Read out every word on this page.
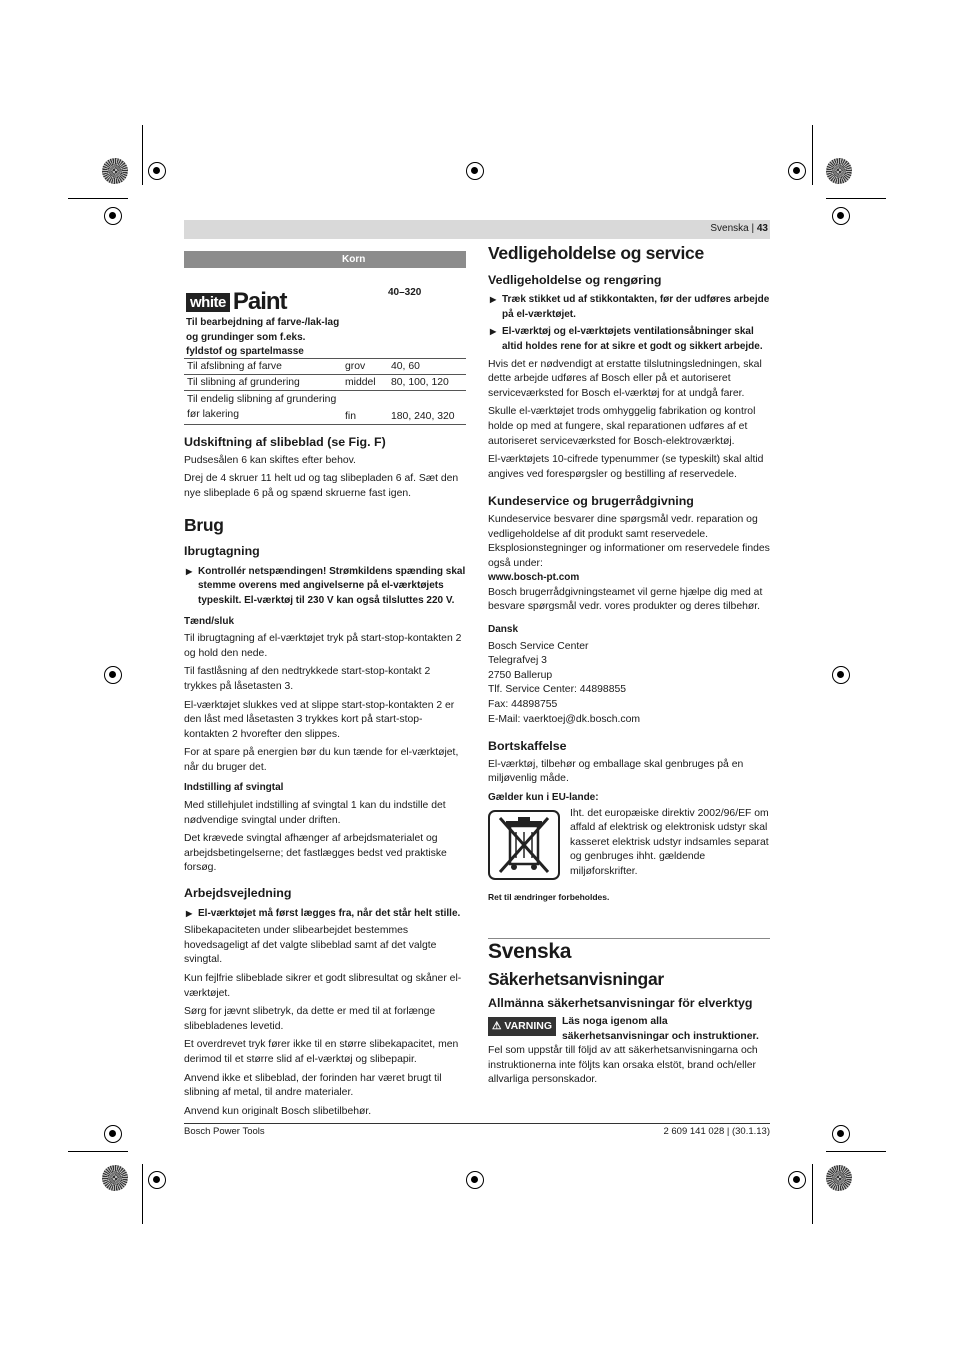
Svenska | 43
Korn
white Paint	40–320
Til bearbejdning af farve-/lak-lag og grundinger som f.eks. fyldstof og spartelmasse
Til afslibning af farve	grov	40, 60
Til slibning af grundering	middel	80, 100, 120
Til endelig slibning af grundering før lakering	fin	180, 240, 320
Udskiftning af slibeblad (se Fig. F)

Pudsesålen 6 kan skiftes efter behov.

Drej de 4 skruer 11 helt ud og tag slibepladen 6 af. Sæt den nye slibeplade 6 på og spænd skruerne fast igen.

Brug
Ibrugtagning
▶ Kontrollér netspændingen! Strømkildens spænding skal stemme overens med angivelserne på el-værktøjets typeskilt. El-værktøj til 230 V kan også tilsluttes 220 V.
Tænd/sluk

Til ibrugtagning af el-værktøjet tryk på start-stop-kontakten 2 og hold den nede.

Til fastlåsning af den nedtrykkede start-stop-kontakt 2 trykkes på låsetasten 3.

El-værktøjet slukkes ved at slippe start-stop-kontakten 2 er den låst med låsetasten 3 trykkes kort på start-stop-kontakten 2 hvorefter den slippes.

For at spare på energien bør du kun tænde for el-værktøjet, når du bruger det.

Indstilling af svingtal

Med stillehjulet indstilling af svingtal 1 kan du indstille det nødvendige svingtal under driften.

Det krævede svingtal afhænger af arbejdsmaterialet og arbejdsbetingelserne; det fastlægges bedst ved praktiske forsøg.

Arbejdsvejledning
▶ El-værktøjet må først lægges fra, når det står helt stille.

Slibekapaciteten under slibearbejdet bestemmes hovedsageligt af det valgte slibeblad samt af det valgte svingtal.

Kun fejlfrie slibeblade sikrer et godt slibresultat og skåner el-værktøjet.

Sørg for jævnt slibetryk, da dette er med til at forlænge slibebladenes levetid.

Et overdrevet tryk fører ikke til en større slibekapacitet, men derimod til et større slid af el-værktøj og slibepapir.

Anvend ikke et slibeblad, der forinden har været brugt til slibning af metal, til andre materialer.

Anvend kun originalt Bosch slibetilbehør.

Vedligeholdelse og service
Vedligeholdelse og rengøring
▶ Træk stikket ud af stikkontakten, før der udføres arbejde på el-værktøjet.
▶ El-værktøj og el-værktøjets ventilationsåbninger skal altid holdes rene for at sikre et godt og sikkert arbejde.

Hvis det er nødvendigt at erstatte tilslutningsledningen, skal dette arbejde udføres af Bosch eller på et autoriseret serviceværksted for Bosch el-værktøj for at undgå farer.

Skulle el-værktøjet trods omhyggelig fabrikation og kontrol holde op med at fungere, skal reparationen udføres af et autoriseret serviceværksted for Bosch-elektroværktøj.

El-værktøjets 10-cifrede typenummer (se typeskilt) skal altid angives ved forespørgsler og bestilling af reservedele.

Kundeservice og brugerrådgivning

Kundeservice besvarer dine spørgsmål vedr. reparation og vedligeholdelse af dit produkt samt reservedele. Eksplosionstegninger og informationer om reservedele findes også under:

www.bosch-pt.com

Bosch brugerrådgivningsteamet vil gerne hjælpe dig med at besvare spørgsmål vedr. vores produkter og deres tilbehør.

Dansk
Bosch Service Center
Telegrafvej 3
2750 Ballerup
Tlf. Service Center: 44898855
Fax: 44898755
E-Mail: vaerktoej@dk.bosch.com
Bortskaffelse

El-værktøj, tilbehør og emballage skal genbruges på en miljøvenlig måde.

Gælder kun i EU-lande:
Iht. det europæiske direktiv 2002/96/EF om affald af elektrisk og elektronisk udstyr skal kasseret elektrisk udstyr indsamles separat og genbruges ihht. gældende miljøforskrifter.
Ret til ændringer forbeholdes.
Svenska
Säkerhetsanvisningar
Allmänna säkerhetsanvisningar för elverktyg
⚠ VARNING Läs noga igenom alla säkerhetsanvisningar och instruktioner. Fel som uppstår till följd av att säkerhetsanvisningarna och instruktionerna inte följts kan orsaka elstöt, brand och/eller allvarliga personskador.
Bosch Power Tools	2 609 141 028 | (30.1.13)
